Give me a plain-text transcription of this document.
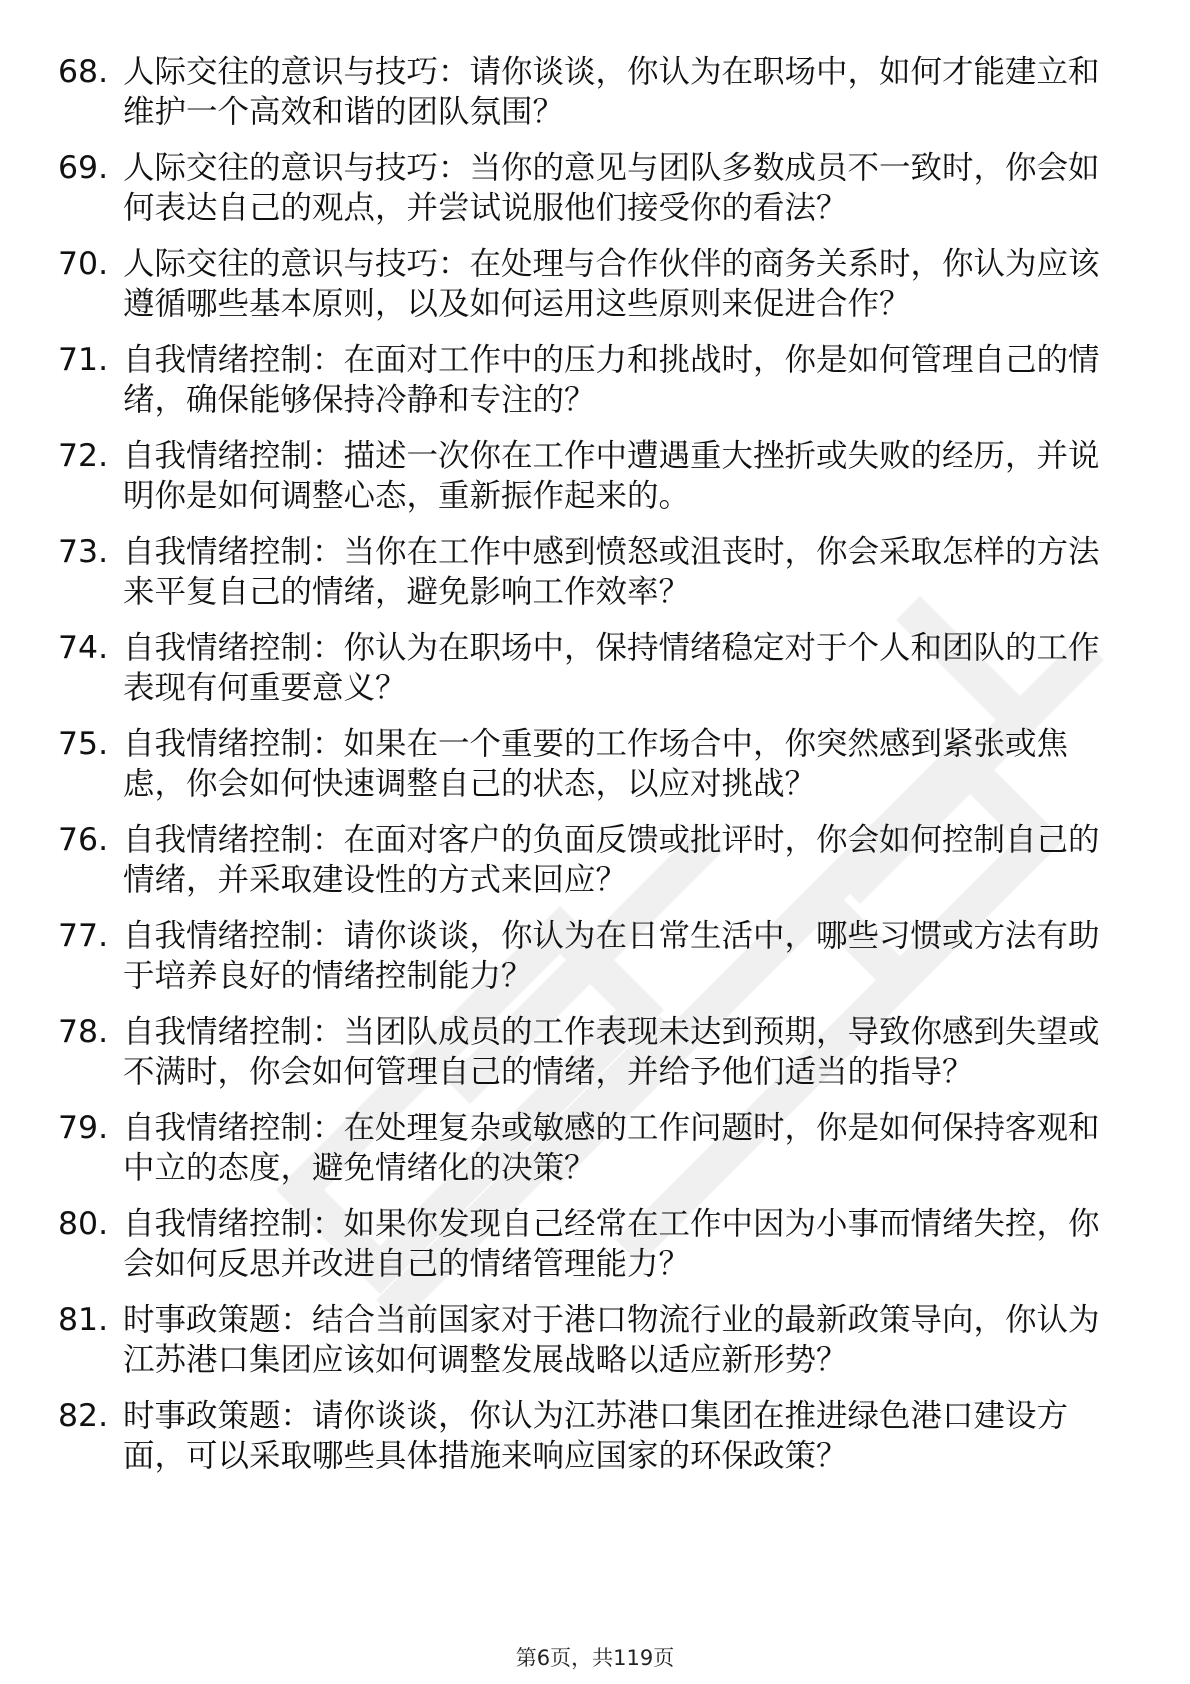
68. 人际交往的意识与技巧：请你谈谈，你认为在职场中，如何才能建立和维护一个高效和谐的团队氛围？
69. 人际交往的意识与技巧：当你的意见与团队多数成员不一致时，你会如何表达自己的观点，并尝试说服他们接受你的看法？
70. 人际交往的意识与技巧：在处理与合作伙伴的商务关系时，你认为应该遵循哪些基本原则，以及如何运用这些原则来促进合作？
71. 自我情绪控制：在面对工作中的压力和挑战时，你是如何管理自己的情绪，确保能够保持冷静和专注的？
72. 自我情绪控制：描述一次你在工作中遭遇重大挫折或失败的经历，并说明你是如何调整心态，重新振作起来的。
73. 自我情绪控制：当你在工作中感到愤怒或沮丧时，你会采取怎样的方法来平复自己的情绪，避免影响工作效率？
74. 自我情绪控制：你认为在职场中，保持情绪稳定对于个人和团队的工作表现有何重要意义？
75. 自我情绪控制：如果在一个重要的工作场合中，你突然感到紧张或焦虑，你会如何快速调整自己的状态，以应对挑战？
76. 自我情绪控制：在面对客户的负面反馈或批评时，你会如何控制自己的情绪，并采取建设性的方式来回应？
77. 自我情绪控制：请你谈谈，你认为在日常生活中，哪些习惯或方法有助于培养良好的情绪控制能力？
78. 自我情绪控制：当团队成员的工作表现未达到预期，导致你感到失望或不满时，你会如何管理自己的情绪，并给予他们适当的指导？
79. 自我情绪控制：在处理复杂或敏感的工作问题时，你是如何保持客观和中立的态度，避免情绪化的决策？
80. 自我情绪控制：如果你发现自己经常在工作中因为小事而情绪失控，你会如何反思并改进自己的情绪管理能力？
81. 时事政策题：结合当前国家对于港口物流行业的最新政策导向，你认为江苏港口集团应该如何调整发展战略以适应新形势？
82. 时事政策题：请你谈谈，你认为江苏港口集团在推进绿色港口建设方面，可以采取哪些具体措施来响应国家的环保政策？
第6页，共119页
